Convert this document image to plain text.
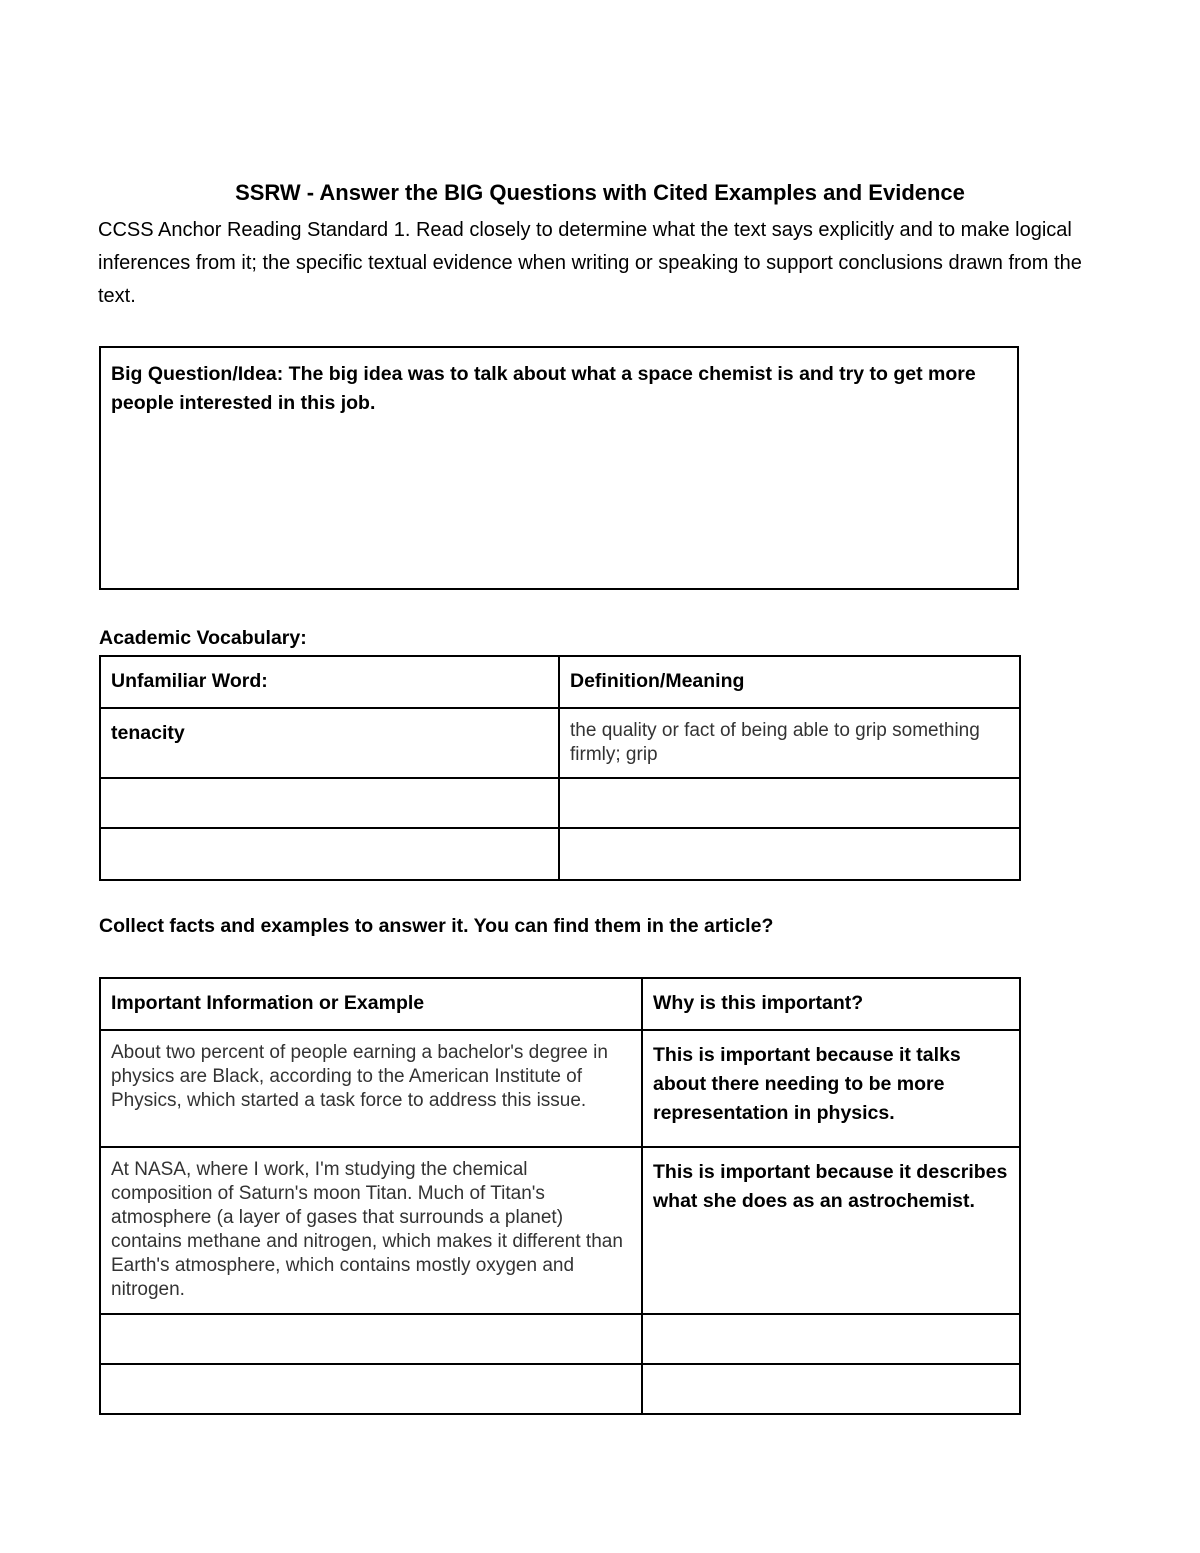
SSRW - Answer the BIG Questions with Cited Examples and Evidence
CCSS Anchor Reading Standard 1. Read closely to determine what the text says explicitly and to make logical inferences from it; the specific textual evidence when writing or speaking to support conclusions drawn from the text.
Big Question/Idea: The big idea was to talk about what a space chemist is and try to get more people interested in this job.
Academic Vocabulary:
Unfamiliar Word:	Definition/Meaning
tenacity	the quality or fact of being able to grip something firmly; grip

Collect facts and examples to answer it. You can find them in the article?
Important Information or Example	Why is this important?
About two percent of people earning a bachelor's degree in physics are Black, according to the American Institute of Physics, which started a task force to address this issue.	This is important because it talks about there needing to be more representation in physics.
At NASA, where I work, I'm studying the chemical composition of Saturn's moon Titan. Much of Titan's atmosphere (a layer of gases that surrounds a planet) contains methane and nitrogen, which makes it different than Earth's atmosphere, which contains mostly oxygen and nitrogen.	This is important because it describes what she does as an astrochemist.
